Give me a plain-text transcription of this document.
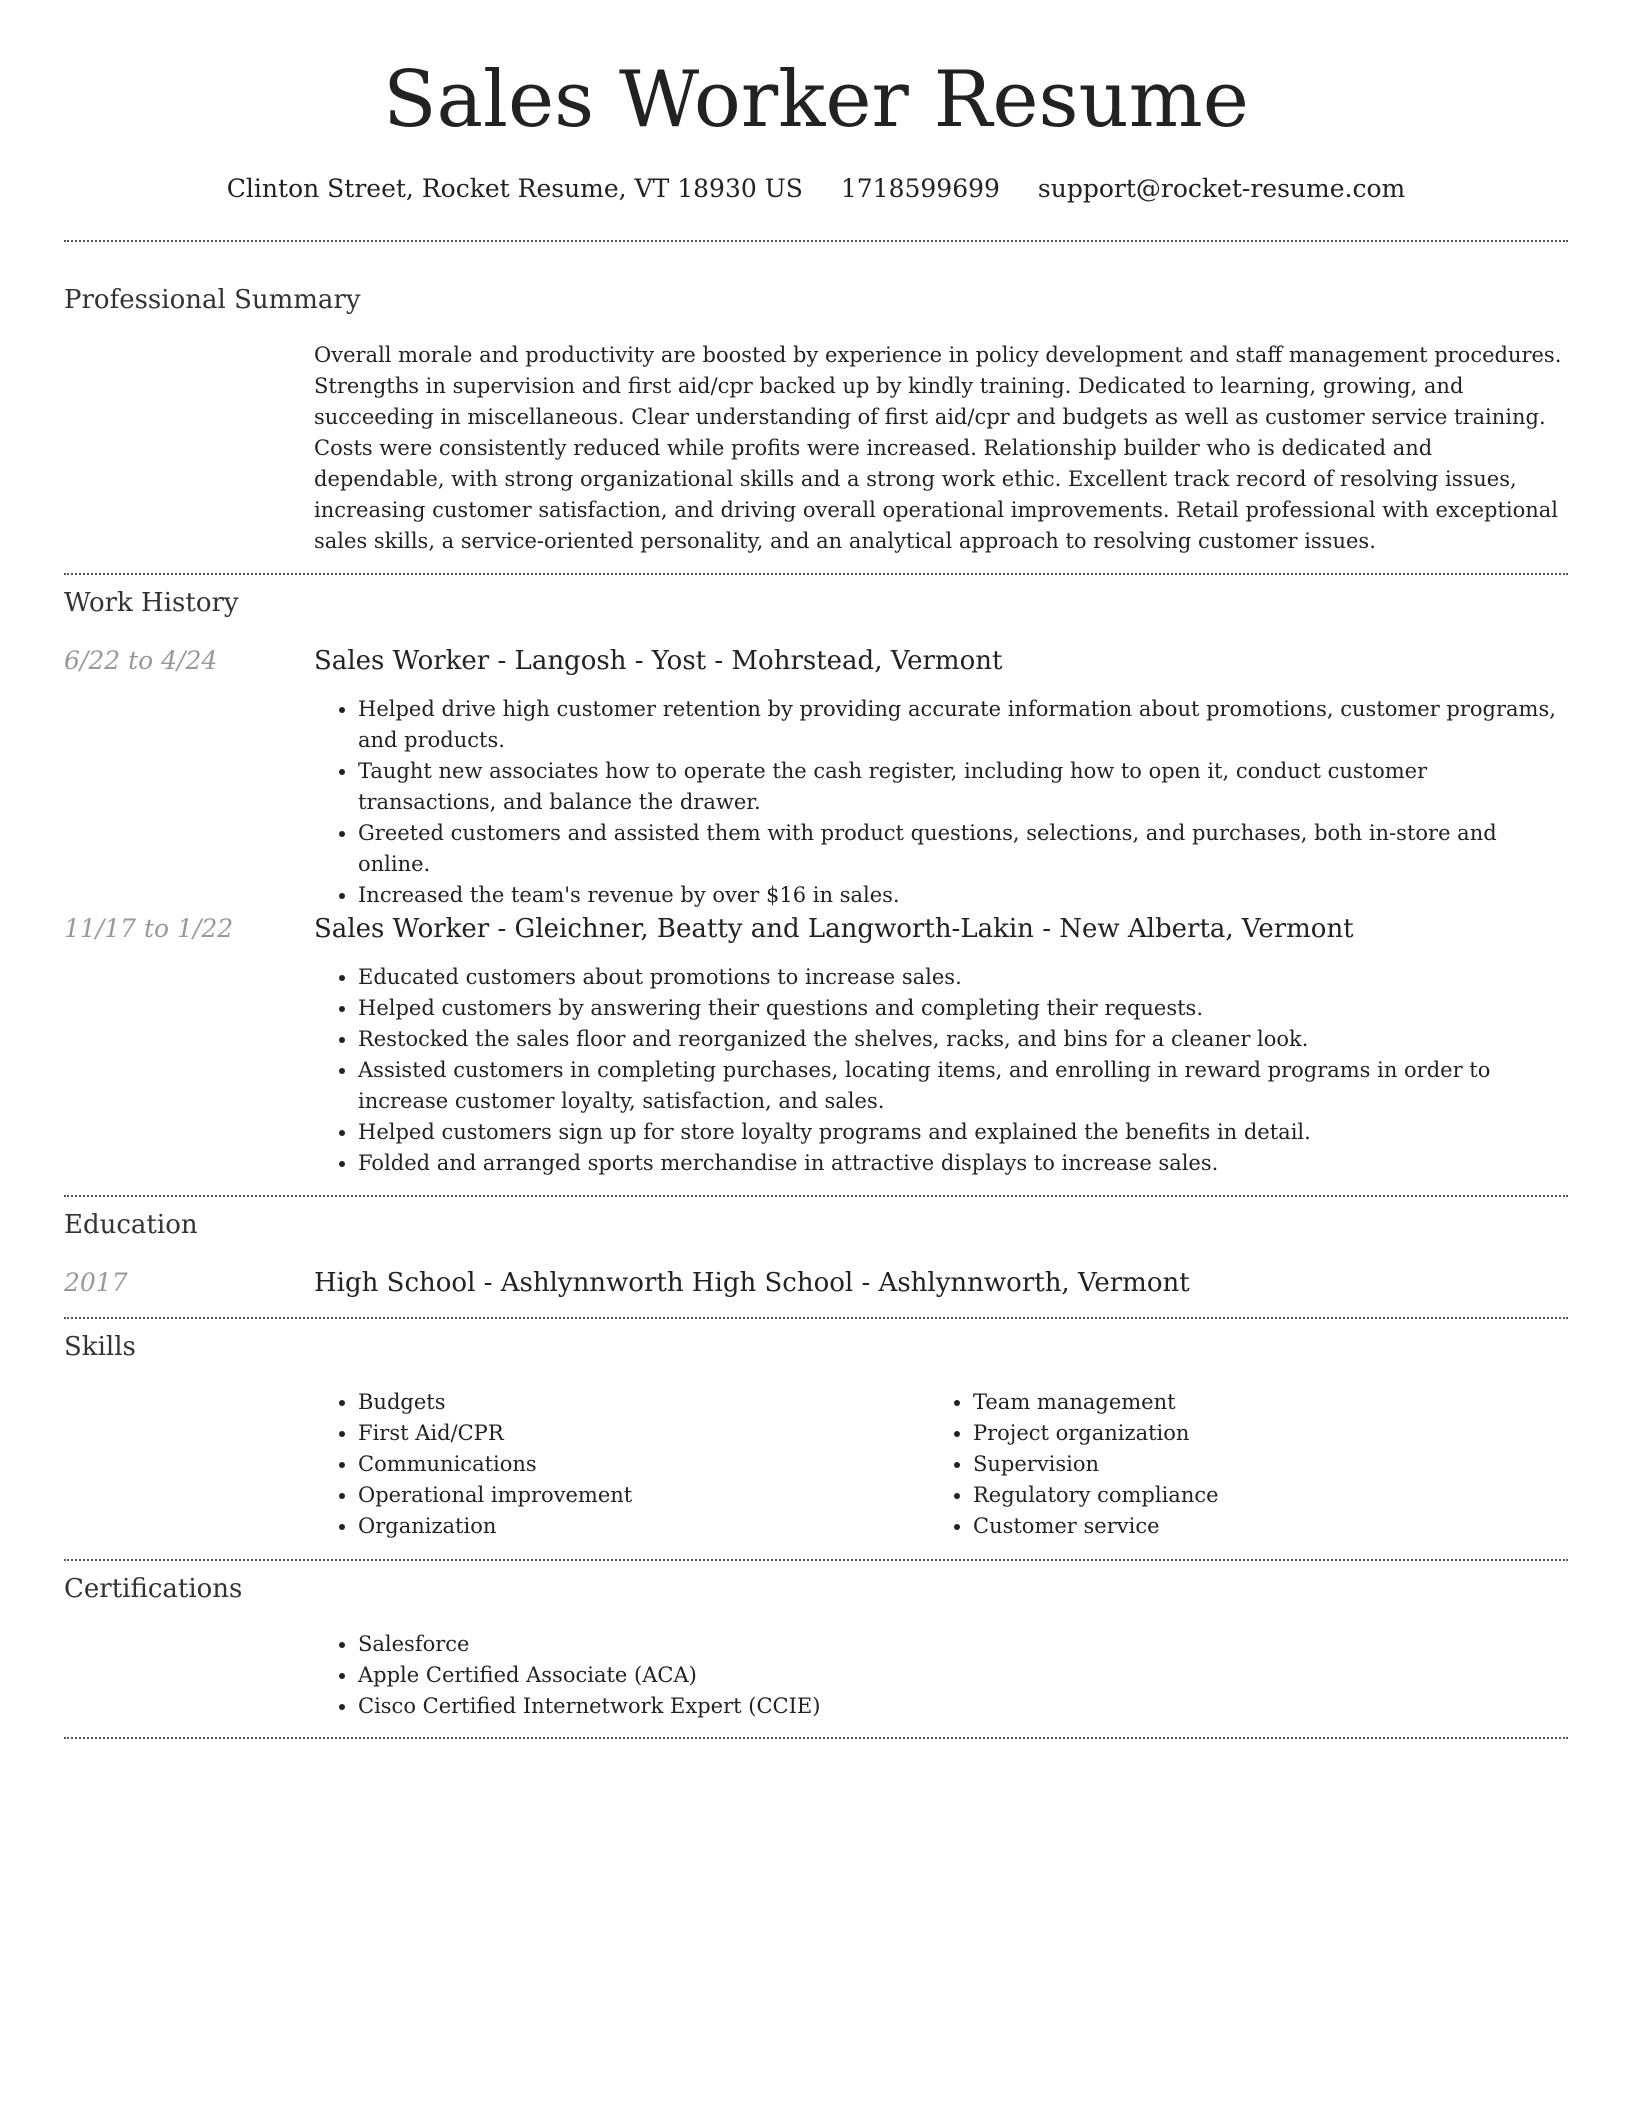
Sales Worker Resume
Clinton Street, Rocket Resume, VT 18930 US 1718599699 support@rocket-resume.com
Professional Summary
Overall morale and productivity are boosted by experience in policy development and staff management procedures. Strengths in supervision and first aid/cpr backed up by kindly training. Dedicated to learning, growing, and succeeding in miscellaneous. Clear understanding of first aid/cpr and budgets as well as customer service training. Costs were consistently reduced while profits were increased. Relationship builder who is dedicated and dependable, with strong organizational skills and a strong work ethic. Excellent track record of resolving issues, increasing customer satisfaction, and driving overall operational improvements. Retail professional with exceptional sales skills, a service-oriented personality, and an analytical approach to resolving customer issues.
Work History
6/22 to 4/24	Sales Worker - Langosh - Yost - Mohrstead, Vermont
• Helped drive high customer retention by providing accurate information about promotions, customer programs, and products.
• Taught new associates how to operate the cash register, including how to open it, conduct customer transactions, and balance the drawer.
• Greeted customers and assisted them with product questions, selections, and purchases, both in-store and online.
• Increased the team's revenue by over $16 in sales.
11/17 to 1/22	Sales Worker - Gleichner, Beatty and Langworth-Lakin - New Alberta, Vermont
• Educated customers about promotions to increase sales.
• Helped customers by answering their questions and completing their requests.
• Restocked the sales floor and reorganized the shelves, racks, and bins for a cleaner look.
• Assisted customers in completing purchases, locating items, and enrolling in reward programs in order to increase customer loyalty, satisfaction, and sales.
• Helped customers sign up for store loyalty programs and explained the benefits in detail.
• Folded and arranged sports merchandise in attractive displays to increase sales.
Education
2017	High School - Ashlynnworth High School - Ashlynnworth, Vermont
Skills
• Budgets
• First Aid/CPR
• Communications
• Operational improvement
• Organization
• Team management
• Project organization
• Supervision
• Regulatory compliance
• Customer service
Certifications
• Salesforce
• Apple Certified Associate (ACA)
• Cisco Certified Internetwork Expert (CCIE)
